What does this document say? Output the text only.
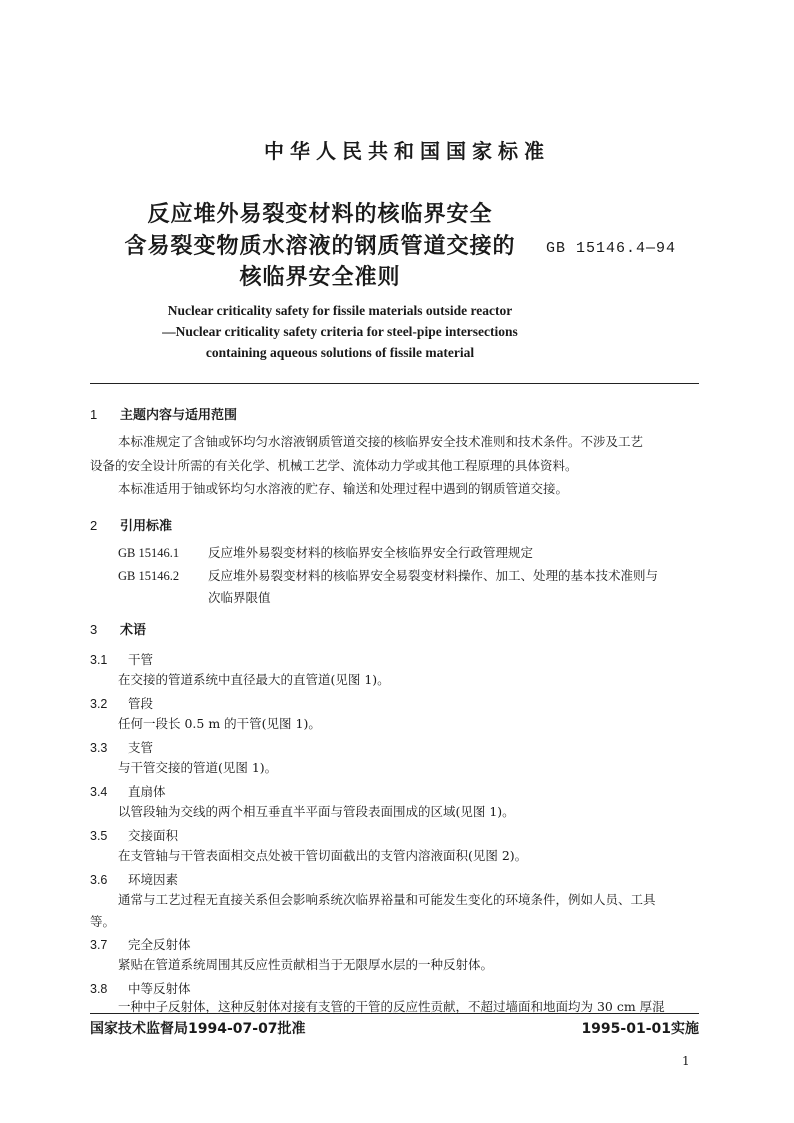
中华人民共和国国家标准
反应堆外易裂变材料的核临界安全
含易裂变物质水溶液的钢质管道交接的
核临界安全准则
GB 15146.4—94
Nuclear criticality safety for fissile materials outside reactor
—Nuclear criticality safety criteria for steel-pipe intersections
containing aqueous solutions of fissile material
1 主题内容与适用范围
本标准规定了含铀或钚均匀水溶液钢质管道交接的核临界安全技术准则和技术条件。不涉及工艺
设备的安全设计所需的有关化学、机械工艺学、流体动力学或其他工程原理的具体资料。
本标准适用于铀或钚均匀水溶液的贮存、输送和处理过程中遇到的钢质管道交接。
2 引用标准
GB 15146.1 反应堆外易裂变材料的核临界安全核临界安全行政管理规定
GB 15146.2 反应堆外易裂变材料的核临界安全易裂变材料操作、加工、处理的基本技术准则与
次临界限值
3 术语
3.1 干管
在交接的管道系统中直径最大的直管道(见图 1)。
3.2 管段
任何一段长 0.5 m 的干管(见图 1)。
3.3 支管
与干管交接的管道(见图 1)。
3.4 直扇体
以管段轴为交线的两个相互垂直半平面与管段表面围成的区域(见图 1)。
3.5 交接面积
在支管轴与干管表面相交点处被干管切面截出的支管内溶液面积(见图 2)。
3.6 环境因素
通常与工艺过程无直接关系但会影响系统次临界裕量和可能发生变化的环境条件，例如人员、工具
等。
3.7 完全反射体
紧贴在管道系统周围其反应性贡献相当于无限厚水层的一种反射体。
3.8 中等反射体
一种中子反射体，这种反射体对接有支管的干管的反应性贡献，不超过墙面和地面均为 30 cm 厚混
国家技术监督局1994-07-07批准	1995-01-01实施
1
